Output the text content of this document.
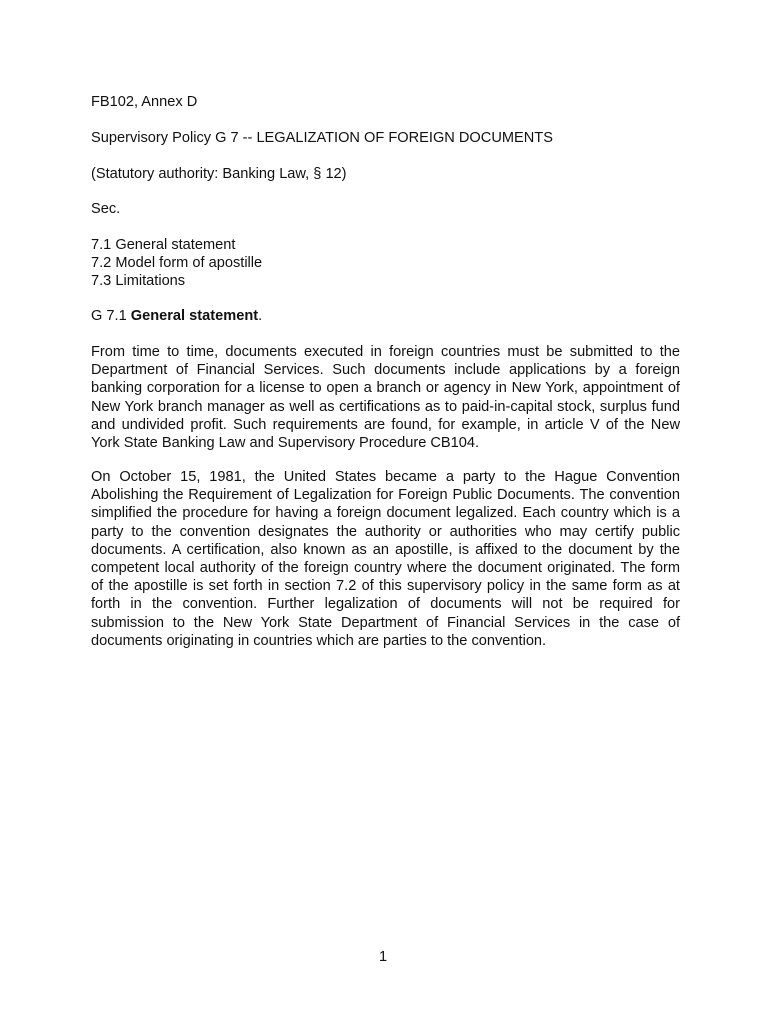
FB102, Annex D

Supervisory Policy G 7 -- LEGALIZATION OF FOREIGN DOCUMENTS

(Statutory authority: Banking Law, § 12)

Sec.

7.1 General statement
7.2 Model form of apostille
7.3 Limitations

G 7.1 General statement.

From time to time, documents executed in foreign countries must be submitted to the Department of Financial Services. Such documents include applications by a foreign banking corporation for a license to open a branch or agency in New York, appointment of New York branch manager as well as certifications as to paid-in-capital stock, surplus fund and undivided profit. Such requirements are found, for example, in article V of the New York State Banking Law and Supervisory Procedure CB104.

On October 15, 1981, the United States became a party to the Hague Convention Abolishing the Requirement of Legalization for Foreign Public Documents. The convention simplified the procedure for having a foreign document legalized. Each country which is a party to the convention designates the authority or authorities who may certify public documents. A certification, also known as an apostille, is affixed to the document by the competent local authority of the foreign country where the document originated. The form of the apostille is set forth in section 7.2 of this supervisory policy in the same form as at forth in the convention. Further legalization of documents will not be required for submission to the New York State Department of Financial Services in the case of documents originating in countries which are parties to the convention.

1
